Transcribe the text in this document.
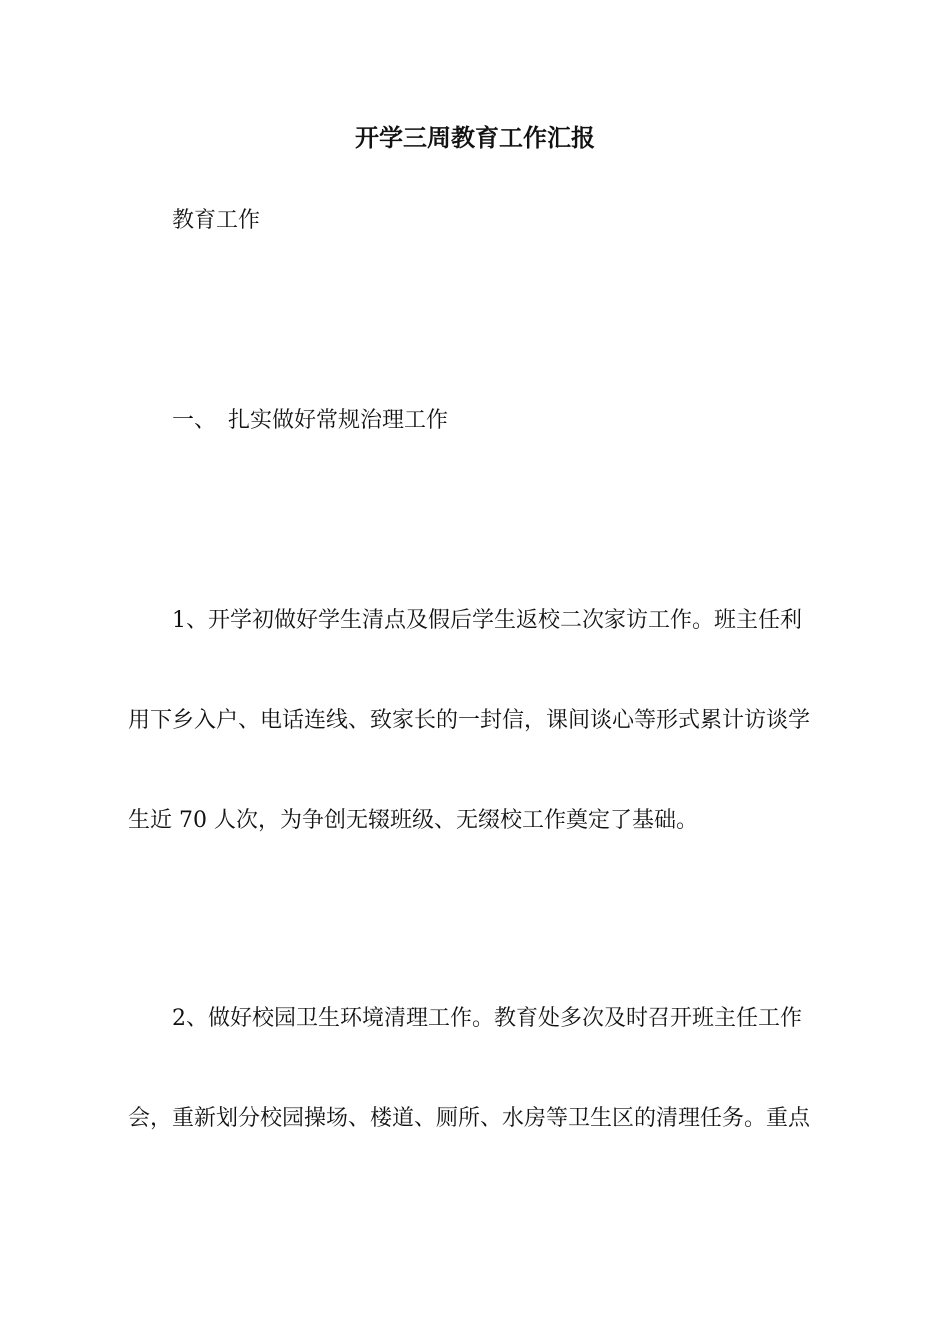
开学三周教育工作汇报
教育工作
一、 扎实做好常规治理工作
1、开学初做好学生清点及假后学生返校二次家访工作。班主任利
用下乡入户、电话连线、致家长的一封信，课间谈心等形式累计访谈学
生近 70 人次，为争创无辍班级、无缀校工作奠定了基础。
2、做好校园卫生环境清理工作。教育处多次及时召开班主任工作
会，重新划分校园操场、楼道、厕所、水房等卫生区的清理任务。重点
